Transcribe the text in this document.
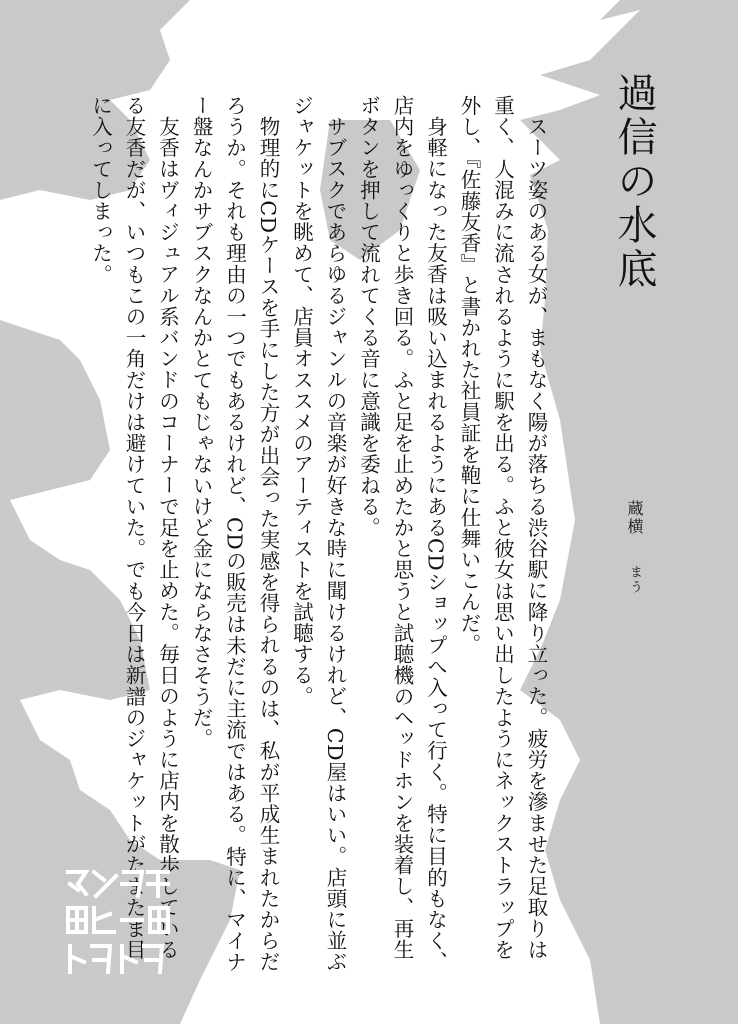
過信の水底
蔵横 まう

スーツ姿のある女が、まもなく陽が落ちる渋谷駅に降り立った。疲労を滲ませた足取りは重く、人混みに流されるように駅を出る。ふと彼女は思い出したようにネックストラップを外し、『佐藤友香』と書かれた社員証を鞄に仕舞いこんだ。

身軽になった友香は吸い込まれるようにあるCDショップへ入って行く。特に目的もなく、店内をゆっくりと歩き回る。ふと足を止めたかと思うと試聴機のヘッドホンを装着し、再生ボタンを押して流れてくる音に意識を委ねる。

サブスクであらゆるジャンルの音楽が好きな時に聞けるけれど、CD屋はいい。店頭に並ぶジャケットを眺めて、店員オススメのアーティストを試聴する。

物理的にCDケースを手にした方が出会った実感を得られるのは、私が平成生まれたからだろうか。それも理由の一つでもあるけれど、CDの販売は未だに主流ではある。特に、マイナー盤なんかサブスクなんかとてもじゃないけど金にならなさそうだ。

友香はヴィジュアル系バンドのコーナーで足を止めた。毎日のように店内を散歩しているる友香だが、いつもこの一角だけは避けていた。でも今日は新譜のジャケットがたまたま目に入ってしまった。
